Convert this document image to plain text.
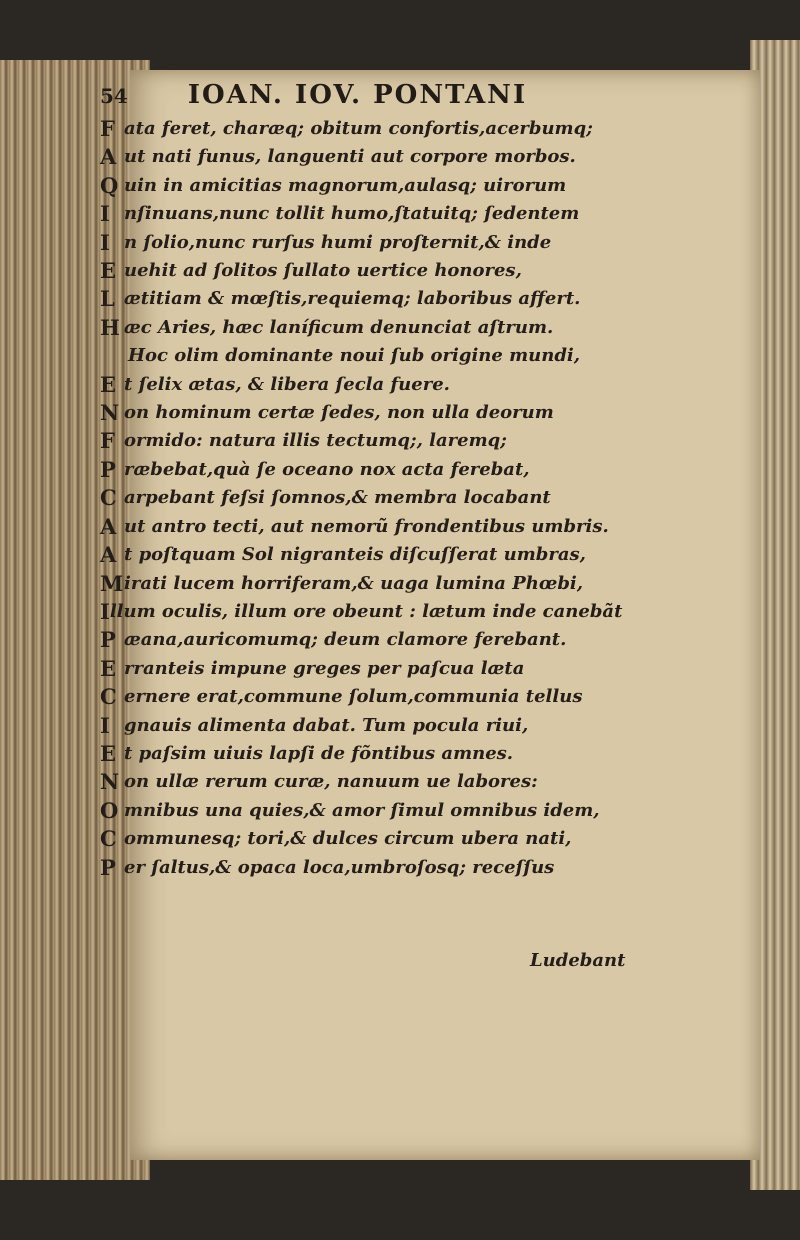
54 IOAN. IOV. PONTANI
F ata feret, charæq; obitum confortis,acerbumq;
A ut nati funus, languenti aut corpore morbos.
Q uin in amicitias magnorum,aulasq; uirorum
I nſinuans,nunc tollit humo,ſtatuitq; ſedentem
I n ſolio,nunc rurſus humi proſternit,& inde
E uehit ad ſolitos ſullato uertice honores,
L ætitiam & mœſtis,requiemq; laboribus affert.
H æc Aries, hæc laníficum denunciat aſtrum.
Hoc olim dominante noui ſub origine mundi,
E t ſelix ætas, & libera ſecla fuere.
N on hominum certæ ſedes, non ulla deorum
F ormido: natura illis tectumq;, laremq;
P ræbebat,quà ſe oceano nox acta ferebat,
C arpebant feſsi ſomnos,& membra locabant
A ut antro tecti, aut nemorũ frondentibus umbris.
A t poſtquam Sol nigranteis diſcuſſerat umbras,
M irati lucem horriferam,& uaga lumina Phœbi,
I llum oculis, illum ore obeunt : lætum inde canebãt
P æana,auricomumq; deum clamore ferebant.
E rranteis impune greges per paſcua læta
C ernere erat,commune ſolum,communia tellus
I gnauis alimenta dabat. Tum pocula riui,
E t paſsim uiuis lapſi de fõntibus amnes.
N on ullæ rerum curæ, nanuum ue labores:
O mnibus una quies,& amor ſimul omnibus idem,
C ommunesq; tori,& dulces circum ubera nati,
P er ſaltus,& opaca loca,umbroſosq; receſſus
Ludebant
